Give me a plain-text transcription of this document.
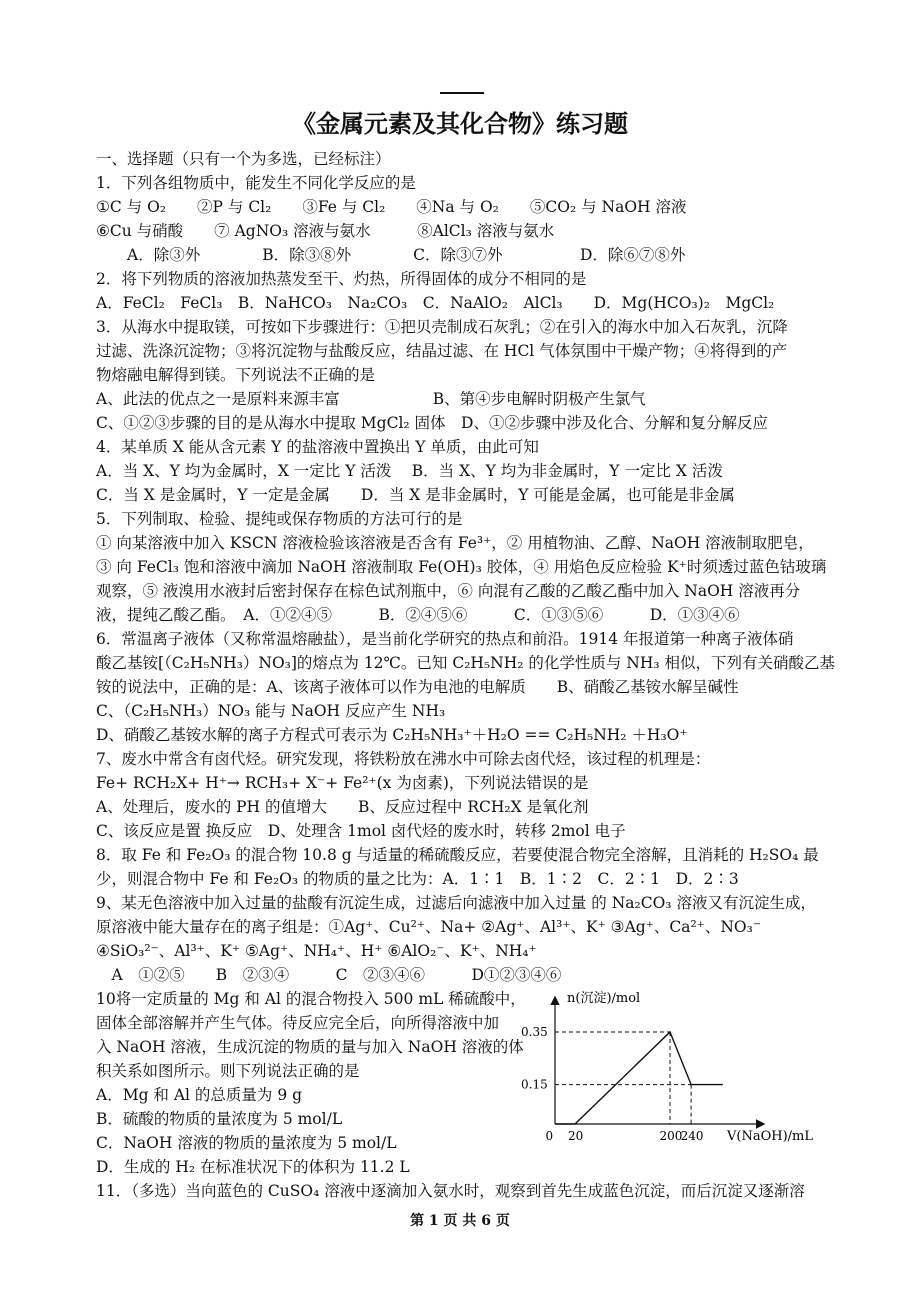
《金属元素及其化合物》练习题
一、选择题（只有一个为多选，已经标注）
1．下列各组物质中，能发生不同化学反应的是
①C 与 O₂　　②P 与 Cl₂　　③Fe 与 Cl₂　　④Na 与 O₂　　⑤CO₂ 与 NaOH 溶液
⑥Cu 与硝酸　　⑦ AgNO₃ 溶液与氨水　　　⑧AlCl₃ 溶液与氨水
　　A．除③外　　　　B．除③⑧外　　　　C．除③⑦外　　　　　D．除⑥⑦⑧外
2．将下列物质的溶液加热蒸发至干、灼热，所得固体的成分不相同的是
A．FeCl₂　FeCl₃　B．NaHCO₃　Na₂CO₃　C．NaAlO₂　AlCl₃　　D．Mg(HCO₃)₂　MgCl₂
3．从海水中提取镁，可按如下步骤进行：①把贝壳制成石灰乳；②在引入的海水中加入石灰乳，沉降
过滤、洗涤沉淀物；③将沉淀物与盐酸反应，结晶过滤、在 HCl 气体氛围中干燥产物；④将得到的产
物熔融电解得到镁。下列说法不正确的是
A、此法的优点之一是原料来源丰富　　　　　　B、第④步电解时阴极产生氯气
C、①②③步骤的目的是从海水中提取 MgCl₂ 固体　D、①②步骤中涉及化合、分解和复分解反应
4．某单质 X 能从含元素 Y 的盐溶液中置换出 Y 单质，由此可知
A．当 X、Y 均为金属时，X 一定比 Y 活泼　 B．当 X、Y 均为非金属时，Y 一定比 X 活泼
C．当 X 是金属时，Y 一定是金属　　D．当 X 是非金属时，Y 可能是金属，也可能是非金属
5．下列制取、检验、提纯或保存物质的方法可行的是
① 向某溶液中加入 KSCN 溶液检验该溶液是否含有 Fe³⁺，② 用植物油、乙醇、NaOH 溶液制取肥皂，
③ 向 FeCl₃ 饱和溶液中滴加 NaOH 溶液制取 Fe(OH)₃ 胶体，④ 用焰色反应检验 K⁺时须透过蓝色钴玻璃
观察，⑤ 液溴用水液封后密封保存在棕色试剂瓶中，⑥ 向混有乙酸的乙酸乙酯中加入 NaOH 溶液再分
液，提纯乙酸乙酯。　A．①②④⑤　　　B．②④⑤⑥　　　C．①③⑤⑥　　　D．①③④⑥
6．常温离子液体（又称常温熔融盐），是当前化学研究的热点和前沿。1914 年报道第一种离子液体硝
酸乙基铵[（C₂H₅NH₃）NO₃]的熔点为 12℃。已知 C₂H₅NH₂ 的化学性质与 NH₃ 相似，下列有关硝酸乙基
铵的说法中，正确的是：A、该离子液体可以作为电池的电解质　　B、硝酸乙基铵水解呈碱性
C、（C₂H₅NH₃）NO₃ 能与 NaOH 反应产生 NH₃
D、硝酸乙基铵水解的离子方程式可表示为 C₂H₅NH₃⁺＋H₂O == C₂H₅NH₂ ＋H₃O⁺
7、废水中常含有卤代烃。研究发现，将铁粉放在沸水中可除去卤代烃，该过程的机理是：
Fe+ RCH₂X+ H⁺→ RCH₃+ X⁻+ Fe²⁺(x 为卤素)，下列说法错误的是
A、处理后，废水的 PH 的值增大　　B、反应过程中 RCH₂X 是氧化剂
C、该反应是置 换反应　D、处理含 1mol 卤代烃的废水时，转移 2mol 电子
8．取 Fe 和 Fe₂O₃ 的混合物 10.8 g 与适量的稀硫酸反应，若要使混合物完全溶解，且消耗的 H₂SO₄ 最
少，则混合物中 Fe 和 Fe₂O₃ 的物质的量之比为：A．1∶1　B．1∶2　C．2∶1　D．2∶3
9、某无色溶液中加入过量的盐酸有沉淀生成，过滤后向滤液中加入过量 的 Na₂CO₃ 溶液又有沉淀生成，
原溶液中能大量存在的离子组是：①Ag⁺、Cu²⁺、Na+ ②Ag⁺、Al³⁺、K⁺ ③Ag⁺、Ca²⁺、NO₃⁻
④SiO₃²⁻、Al³⁺、K⁺ ⑤Ag⁺、NH₄⁺、H⁺ ⑥AlO₂⁻、K⁺、NH₄⁺
　A　①②⑤　　B　②③④　　　C　②③④⑥　　　D①②③④⑥
10将一定质量的 Mg 和 Al 的混合物投入 500 mL 稀硫酸中，
固体全部溶解并产生气体。待反应完全后，向所得溶液中加
入 NaOH 溶液，生成沉淀的物质的量与加入 NaOH 溶液的体
积关系如图所示。则下列说法正确的是
A．Mg 和 Al 的总质量为 9 g
B．硫酸的物质的量浓度为 5 mol/L
C．NaOH 溶液的物质的量浓度为 5 mol/L
D．生成的 H₂ 在标准状况下的体积为 11.2 L
11．（多选）当向蓝色的 CuSO₄ 溶液中逐滴加入氨水时，观察到首先生成蓝色沉淀，而后沉淀又逐渐溶
n(沉淀)/mol
V(NaOH)/mL
0.35
0.15
0 20	200
240
第 1 页 共 6 页
